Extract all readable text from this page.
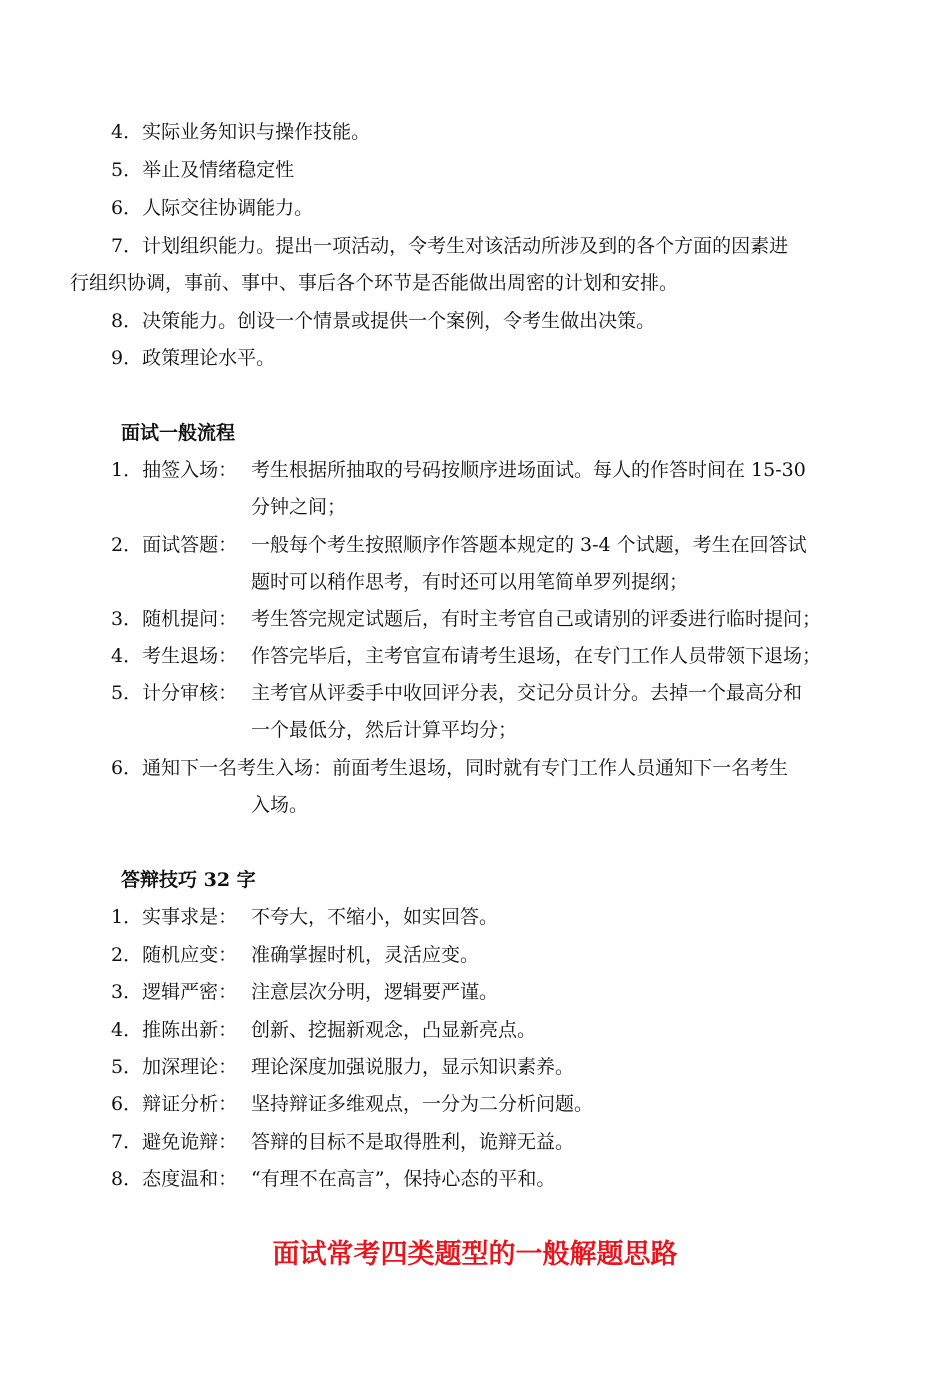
4．实际业务知识与操作技能。
5．举止及情绪稳定性
6．人际交往协调能力。
7．计划组织能力。提出一项活动，令考生对该活动所涉及到的各个方面的因素进
行组织协调，事前、事中、事后各个环节是否能做出周密的计划和安排。
8．决策能力。创设一个情景或提供一个案例，令考生做出决策。
9．政策理论水平。
面试一般流程
1．抽签入场： 考生根据所抽取的号码按顺序进场面试。每人的作答时间在 15-30
分钟之间；
2．面试答题： 一般每个考生按照顺序作答题本规定的 3-4 个试题，考生在回答试
题时可以稍作思考，有时还可以用笔简单罗列提纲；
3．随机提问： 考生答完规定试题后，有时主考官自己或请别的评委进行临时提问；
4．考生退场： 作答完毕后，主考官宣布请考生退场，在专门工作人员带领下退场；
5．计分审核： 主考官从评委手中收回评分表，交记分员计分。去掉一个最高分和
一个最低分，然后计算平均分；
6．通知下一名考生入场：前面考生退场，同时就有专门工作人员通知下一名考生
入场。
答辩技巧 32 字
1．实事求是： 不夸大，不缩小，如实回答。
2．随机应变： 准确掌握时机，灵活应变。
3．逻辑严密： 注意层次分明，逻辑要严谨。
4．推陈出新： 创新、挖掘新观念，凸显新亮点。
5．加深理论： 理论深度加强说服力，显示知识素养。
6．辩证分析： 坚持辩证多维观点，一分为二分析问题。
7．避免诡辩： 答辩的目标不是取得胜利，诡辩无益。
8．态度温和： “有理不在高言”，保持心态的平和。
面试常考四类题型的一般解题思路
